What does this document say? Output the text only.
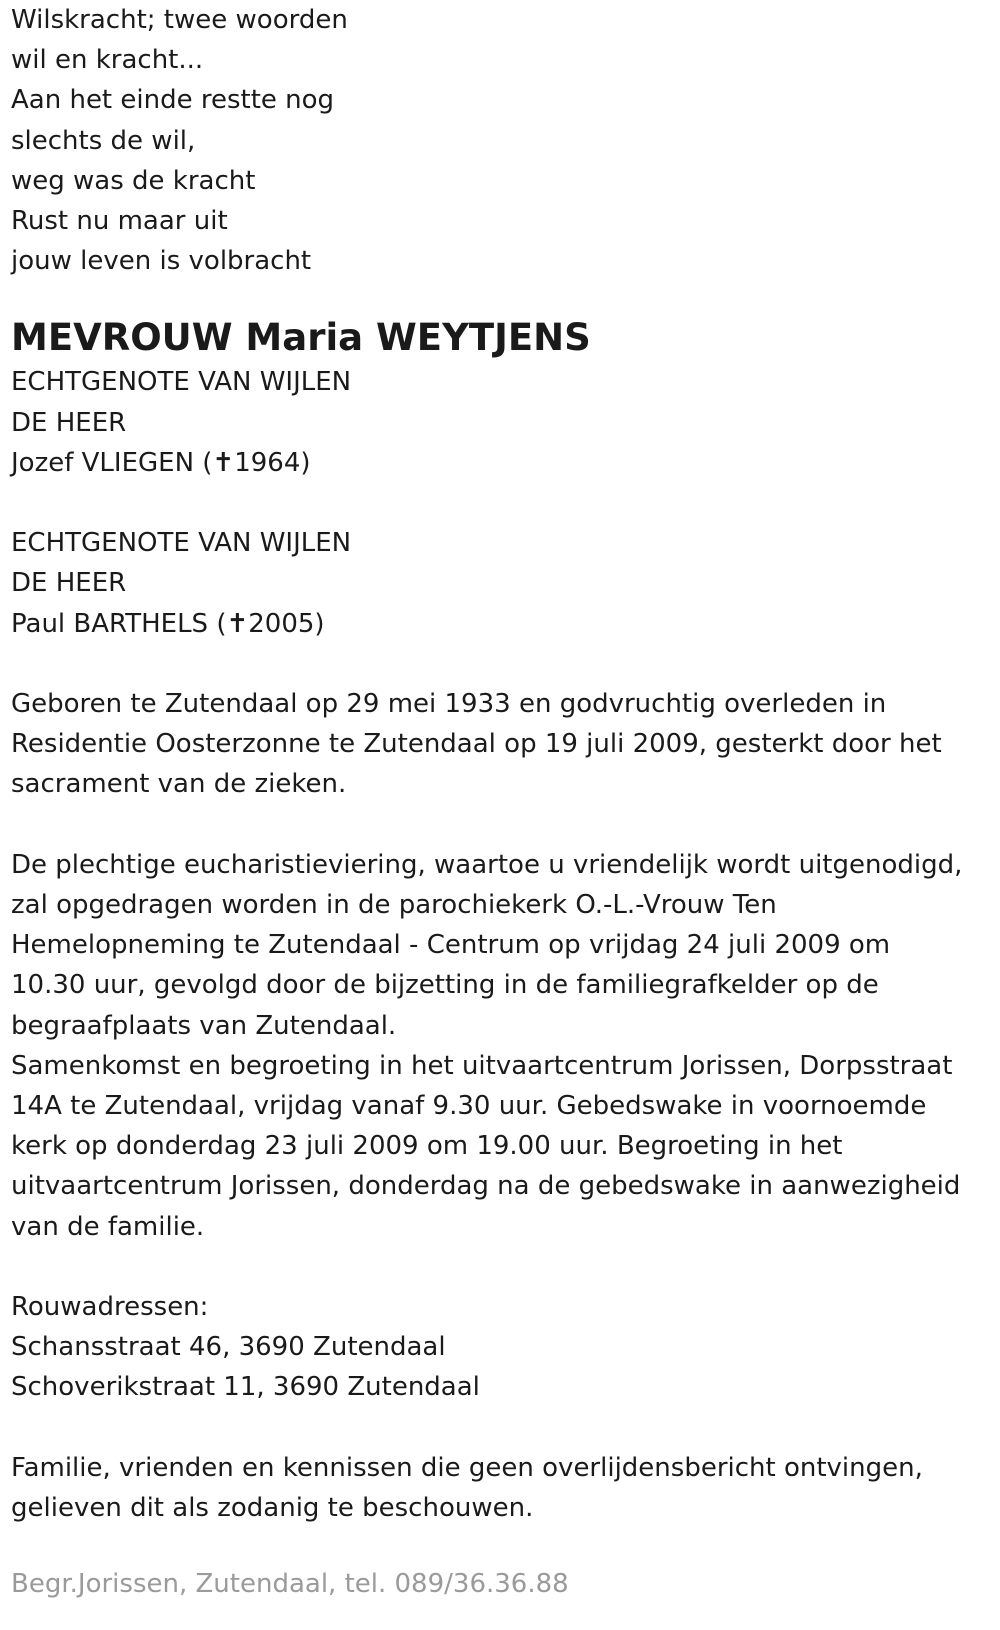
Wilskracht; twee woorden

wil en kracht...

Aan het einde restte nog

slechts de wil,

weg was de kracht

Rust nu maar uit

jouw leven is volbracht

MEVROUW Maria WEYTJENS

ECHTGENOTE VAN WIJLEN

DE HEER

Jozef VLIEGEN (✝1964)

ECHTGENOTE VAN WIJLEN

DE HEER

Paul BARTHELS (✝2005)

Geboren te Zutendaal op 29 mei 1933 en godvruchtig overleden in

Residentie Oosterzonne te Zutendaal op 19 juli 2009, gesterkt door het

sacrament van de zieken.

De plechtige eucharistieviering, waartoe u vriendelijk wordt uitgenodigd,

zal opgedragen worden in de parochiekerk O.-L.-Vrouw Ten

Hemelopneming te Zutendaal - Centrum op vrijdag 24 juli 2009 om

10.30 uur, gevolgd door de bijzetting in de familiegrafkelder op de

begraafplaats van Zutendaal.

Samenkomst en begroeting in het uitvaartcentrum Jorissen, Dorpsstraat

14A te Zutendaal, vrijdag vanaf 9.30 uur. Gebedswake in voornoemde

kerk op donderdag 23 juli 2009 om 19.00 uur. Begroeting in het

uitvaartcentrum Jorissen, donderdag na de gebedswake in aanwezigheid

van de familie.

Rouwadressen:

Schansstraat 46, 3690 Zutendaal

Schoverikstraat 11, 3690 Zutendaal

Familie, vrienden en kennissen die geen overlijdensbericht ontvingen,

gelieven dit als zodanig te beschouwen.

Begr.Jorissen, Zutendaal, tel. 089/36.36.88
